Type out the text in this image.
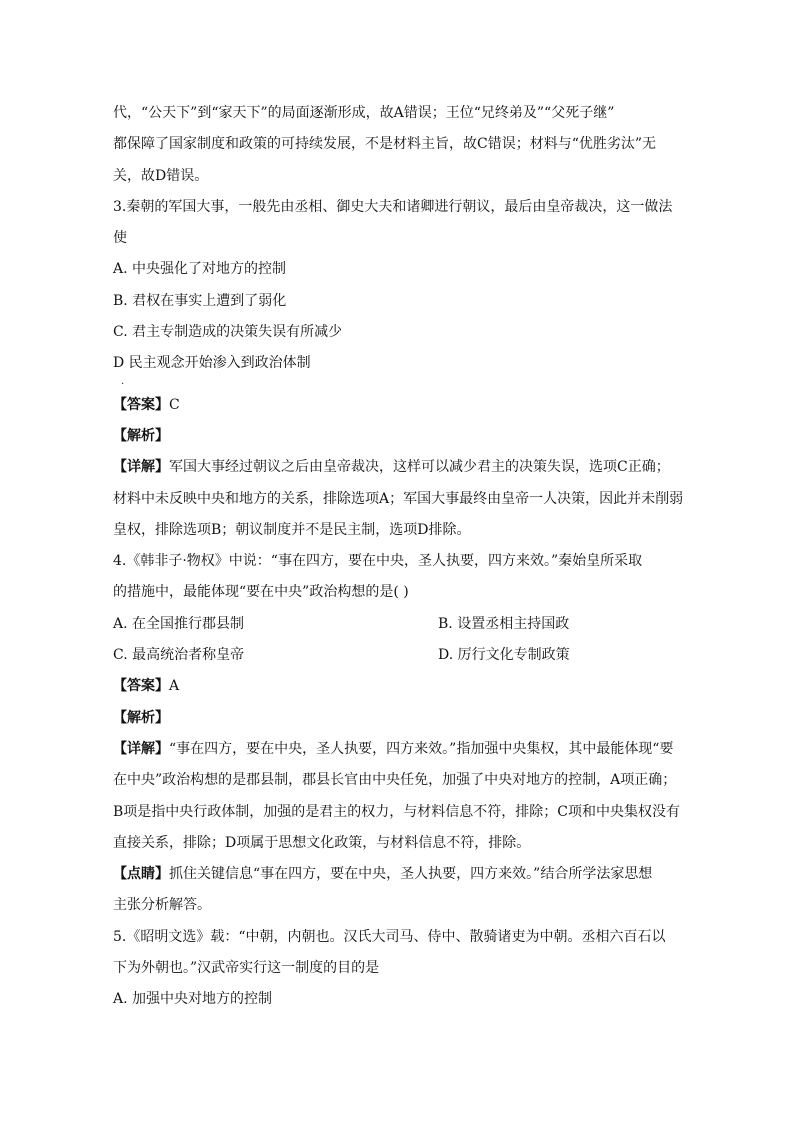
代，“公天下”到“家天下”的局面逐渐形成，故A错误；王位“兄终弟及”“父死子继”
都保障了国家制度和政策的可持续发展，不是材料主旨，故C错误；材料与“优胜劣汰”无
关，故D错误。
3.秦朝的军国大事，一般先由丞相、御史大夫和诸卿进行朝议，最后由皇帝裁决，这一做法
使
A. 中央强化了对地方的控制
B. 君权在事实上遭到了弱化
C. 君主专制造成的决策失误有所减少
D 民主观念开始渗入到政治体制
·
【答案】C
【解析】
【详解】军国大事经过朝议之后由皇帝裁决，这样可以减少君主的决策失误，选项C正确；
材料中未反映中央和地方的关系，排除选项A；军国大事最终由皇帝一人决策，因此并未削弱
皇权，排除选项B；朝议制度并不是民主制，选项D排除。
4.《韩非子·物权》中说：“事在四方，要在中央，圣人执要，四方来效。”秦始皇所采取
的措施中，最能体现“要在中央”政治构想的是( )
A. 在全国推行郡县制	B. 设置丞相主持国政
C. 最高统治者称皇帝	D. 厉行文化专制政策
【答案】A
【解析】
【详解】“事在四方，要在中央，圣人执要，四方来效。”指加强中央集权，其中最能体现“要
在中央”政治构想的是郡县制，郡县长官由中央任免，加强了中央对地方的控制，A项正确；
B项是指中央行政体制，加强的是君主的权力，与材料信息不符，排除；C项和中央集权没有
直接关系，排除；D项属于思想文化政策，与材料信息不符，排除。
【点睛】抓住关键信息“事在四方，要在中央，圣人执要，四方来效。”结合所学法家思想
主张分析解答。
5.《昭明文选》载：“中朝，内朝也。汉氏大司马、侍中、散骑诸吏为中朝。丞相六百石以
下为外朝也。”汉武帝实行这一制度的目的是
A. 加强中央对地方的控制
